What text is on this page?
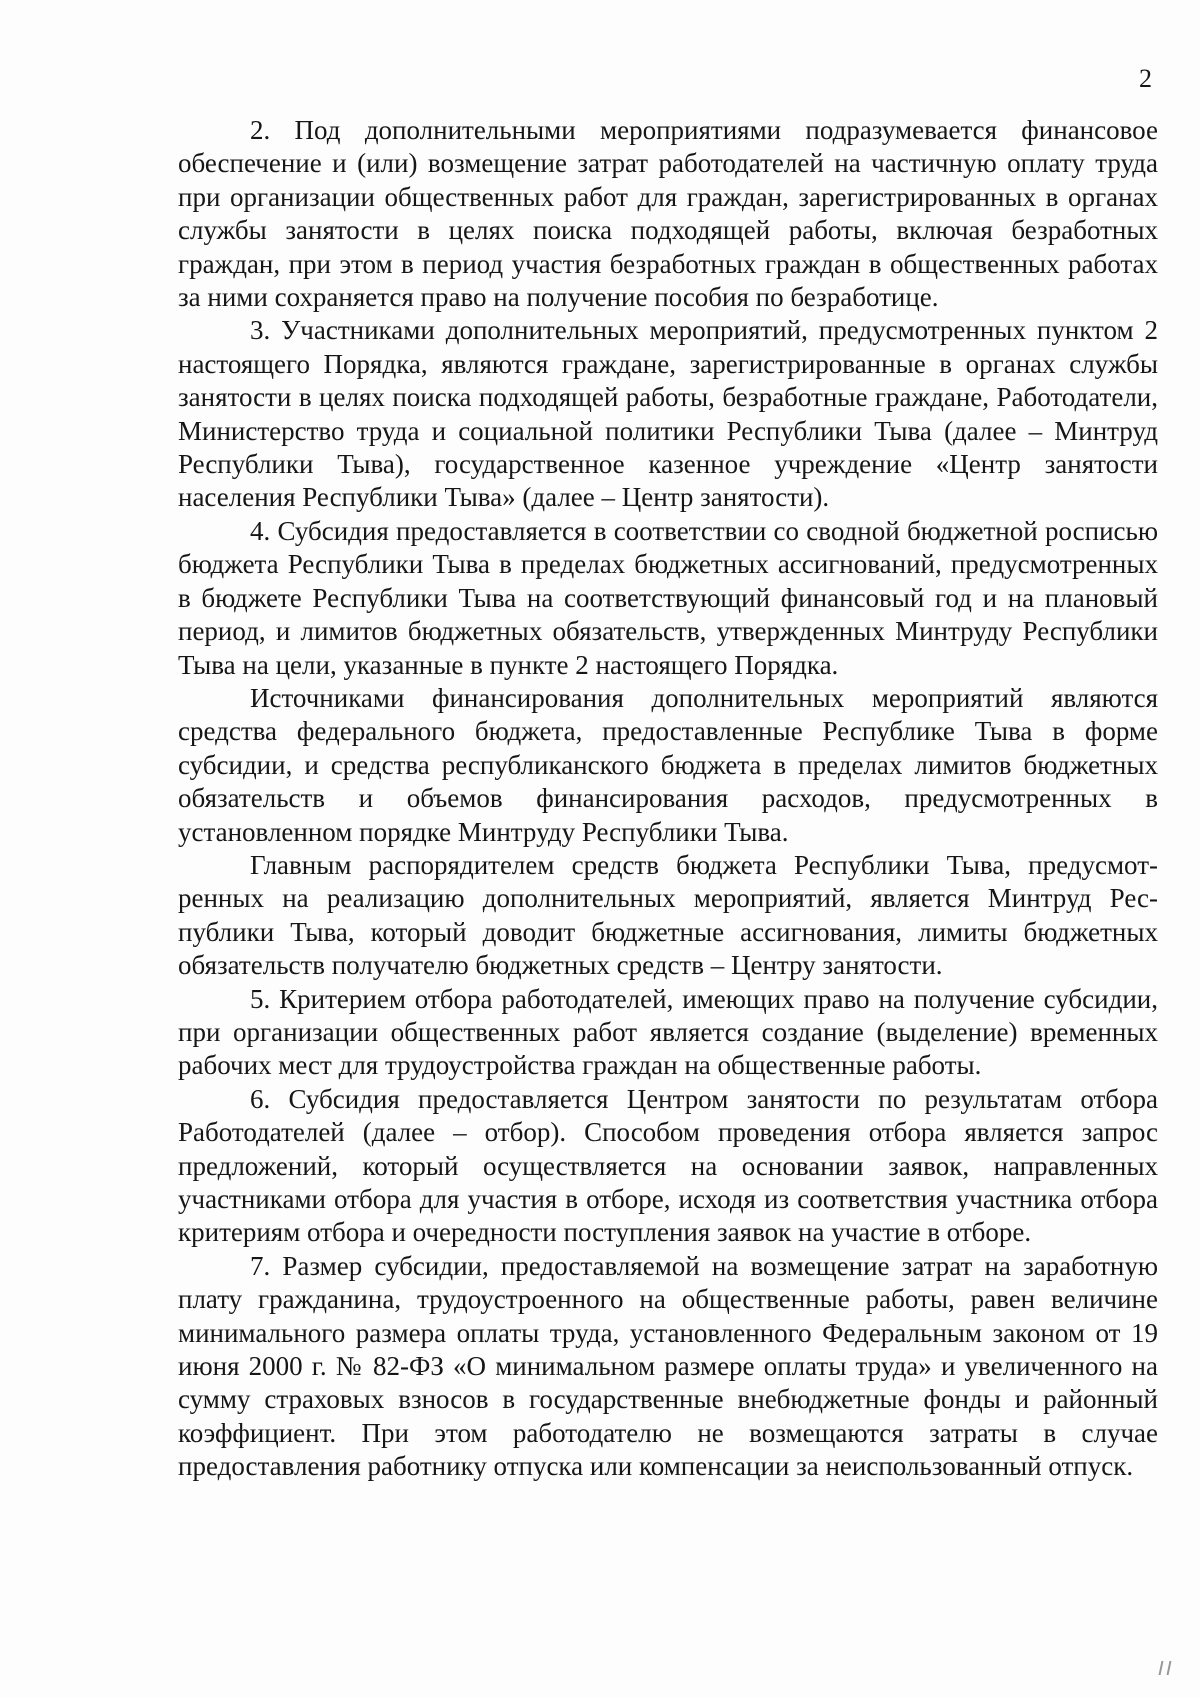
2

2. Под дополнительными мероприятиями подразумевается финансовое обеспечение и (или) возмещение затрат работодателей на частичную оплату труда при организации общественных работ для граждан, зарегистрированных в органах службы занятости в целях поиска подходящей работы, включая безработных граждан, при этом в период участия безработных граждан в общественных работах за ними сохраняется право на получение пособия по безработице.

3. Участниками дополнительных мероприятий, предусмотренных пунктом 2 настоящего Порядка, являются граждане, зарегистрированные в органах службы занятости в целях поиска подходящей работы, безработные граждане, Работодатели, Министерство труда и социальной политики Республики Тыва (далее – Минтруд Республики Тыва), государственное казенное учреждение «Центр занятости населения Республики Тыва» (далее – Центр занятости).

4. Субсидия предоставляется в соответствии со сводной бюджетной росписью бюджета Республики Тыва в пределах бюджетных ассигнований, предусмотренных в бюджете Республики Тыва на соответствующий финансовый год и на плановый период, и лимитов бюджетных обязательств, утвержденных Минтруду Республики Тыва на цели, указанные в пункте 2 настоящего Порядка.

Источниками финансирования дополнительных мероприятий являются средства федерального бюджета, предоставленные Республике Тыва в форме субсидии, и средства республиканского бюджета в пределах лимитов бюджетных обязательств и объемов финансирования расходов, предусмотренных в установленном порядке Минтруду Республики Тыва.

Главным распорядителем средств бюджета Республики Тыва, предусмотренных на реализацию дополнительных мероприятий, является Минтруд Республики Тыва, который доводит бюджетные ассигнования, лимиты бюджетных обязательств получателю бюджетных средств – Центру занятости.

5. Критерием отбора работодателей, имеющих право на получение субсидии, при организации общественных работ является создание (выделение) временных рабочих мест для трудоустройства граждан на общественные работы.

6. Субсидия предоставляется Центром занятости по результатам отбора Работодателей (далее – отбор). Способом проведения отбора является запрос предложений, который осуществляется на основании заявок, направленных участниками отбора для участия в отборе, исходя из соответствия участника отбора критериям отбора и очередности поступления заявок на участие в отборе.

7. Размер субсидии, предоставляемой на возмещение затрат на заработную плату гражданина, трудоустроенного на общественные работы, равен величине минимального размера оплаты труда, установленного Федеральным законом от 19 июня 2000 г. № 82-ФЗ «О минимальном размере оплаты труда» и увеличенного на сумму страховых взносов в государственные внебюджетные фонды и районный коэффициент. При этом работодателю не возмещаются затраты в случае предоставления работнику отпуска или компенсации за неиспользованный отпуск.
